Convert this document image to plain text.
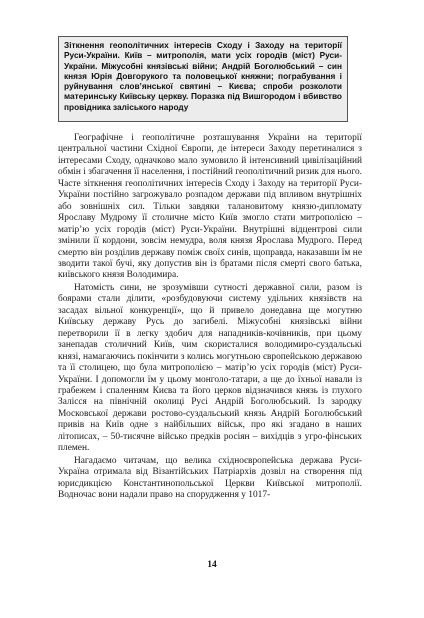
Зіткнення геополітичних інтересів Сходу і Заходу на території Руси-України. Київ – митрополія, мати усіх городів (міст) Руси-України. Міжусобні князівські війни; Андрій Боголюбський – син князя Юрія Довгорукого та половецької княжни; пограбування і руйнування слов’янської святині – Києва; спроби розколоти материнську Київську церкву. Поразка під Вишгородом і вбивство провідника заліського народу

Географічне і геополітичне розташування України на території центральної частини Східної Європи, де інтереси Заходу перетиналися з інтересами Сходу, одначково мало зумовило й інтенсивний цивілізаційний обмін і збагачення її населення, і постійний геополітичний ризик для нього. Часте зіткнення геополітичних інтересів Сходу і Заходу на території Руси-України постійно загрожувало розпадом держави під впливом внутрішніх або зовнішніх сил. Тільки завдяки талановитому князю-дипломату Ярославу Мудрому її столичне місто Київ змогло стати митрополією – матір’ю усіх городів (міст) Руси-України. Внутрішні відцентрові сили змінили її кордони, зовсім немудра, воля князя Ярослава Мудрого. Перед смертю він розділив державу поміж своїх синів, щоправда, наказавши їм не зводити такої бучі, яку допустив він із братами після смерті свого батька, київського князя Володимира.

Натомість сини, не зрозумівши сутності державної сили, разом із боярами стали ділити, «розбудовуючи систему удільних князівств на засадах вільної конкуренції», що й привело донедавна ще могутню Київську державу Русь до загибелі. Міжусобні князівські війни перетворили її в легку здобич для нападників-кочівників, при цьому занепадав столичний Київ, чим скористалися володимиро-суздальські князі, намагаючись покінчити з колись могутньою європейською державою та її столицею, що була митрополією – матір’ю усіх городів (міст) Руси-України. І допомогли їм у цьому монголо-татари, а ще до їхньої навали із грабежем і спаленням Києва та його церков відзначився князь із глухого Залісся на північній околиці Русі Андрій Боголюбський. Із зародку Московської держави ростово-суздальський князь Андрій Боголюбський привів на Київ одне з найбільших військ, про які згадано в наших літописах, – 50-тисячне військо предків росіян – вихідців з угро-фінських племен.

Нагадаємо читачам, що велика східноєвропейська держава Руси-Україна отримала від Візантійських Патріархів дозвіл на створення під юрисдикцією Константинопольської Церкви Київської митрополії. Водночас вони надали право на спорудження у 1017-

14
